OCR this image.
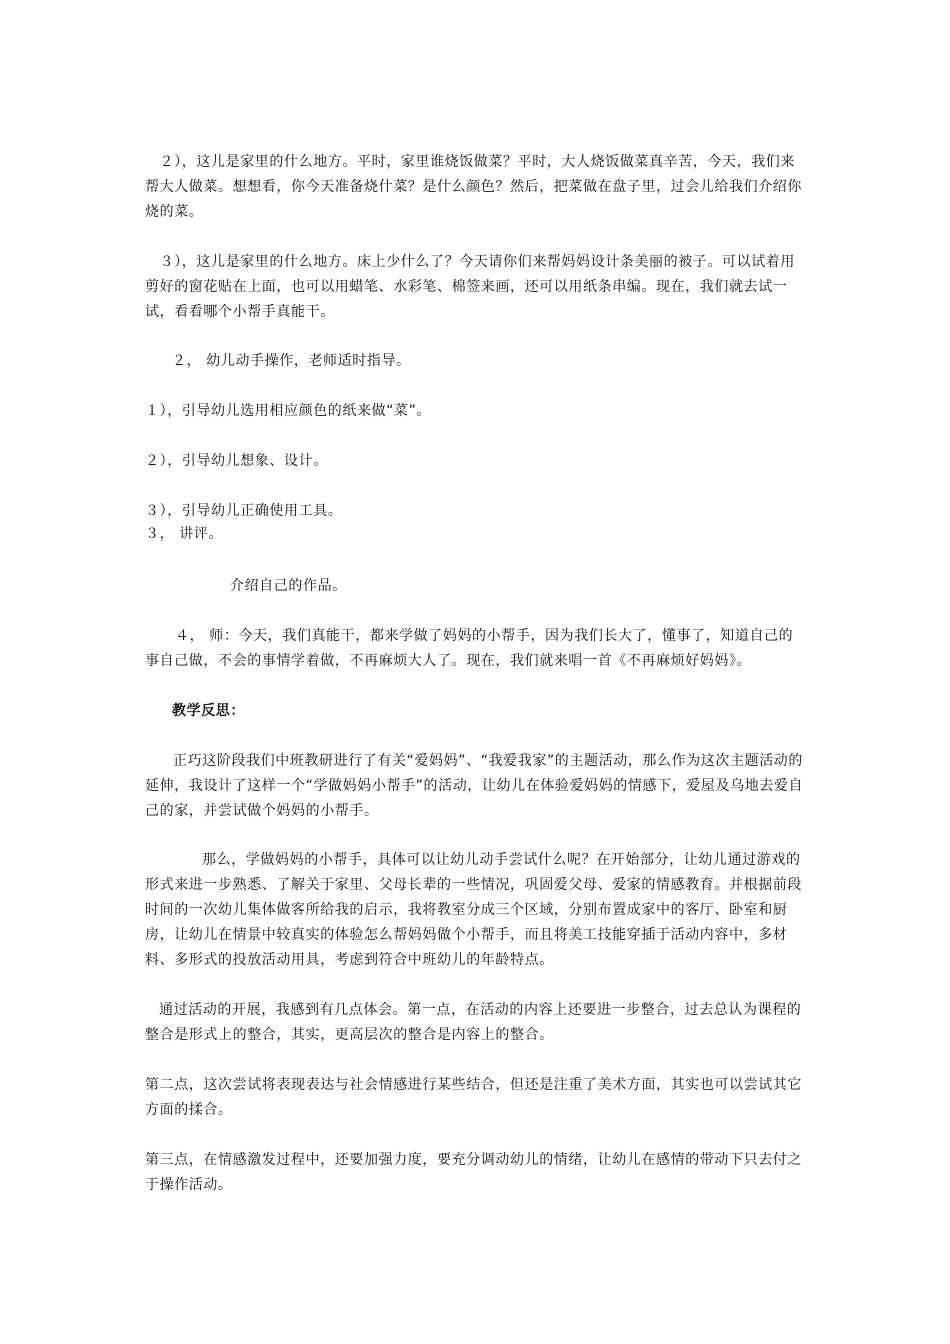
　２），这儿是家里的什么地方。平时，家里谁烧饭做菜？平时，大人烧饭做菜真辛苦，今天，我们来帮大人做菜。想想看，你今天准备烧什菜？是什么颜色？然后，把菜做在盘子里，过会儿给我们介绍你烧的菜。

　３），这儿是家里的什么地方。床上少什么了？今天请你们来帮妈妈设计条美丽的被子。可以试着用剪好的窗花贴在上面，也可以用蜡笔、水彩笔、棉签来画，还可以用纸条串编。现在，我们就去试一试，看看哪个小帮手真能干。

２， 幼儿动手操作，老师适时指导。

１），引导幼儿选用相应颜色的纸来做“菜”。

２），引导幼儿想象、设计。

３），引导幼儿正确使用工具。

３， 讲评。

介绍自己的作品。

４， 师：今天，我们真能干，都来学做了妈妈的小帮手，因为我们长大了，懂事了，知道自己的事自己做，不会的事情学着做，不再麻烦大人了。现在，我们就来唱一首《不再麻烦好妈妈》。

教学反思：

正巧这阶段我们中班教研进行了有关“爱妈妈”、“我爱我家”的主题活动，那么作为这次主题活动的延伸，我设计了这样一个“学做妈妈小帮手”的活动，让幼儿在体验爱妈妈的情感下，爱屋及乌地去爱自己的家，并尝试做个妈妈的小帮手。

那么，学做妈妈的小帮手，具体可以让幼儿动手尝试什么呢？在开始部分，让幼儿通过游戏的形式来进一步熟悉、了解关于家里、父母长辈的一些情况，巩固爱父母、爱家的情感教育。并根据前段时间的一次幼儿集体做客所给我的启示，我将教室分成三个区域，分别布置成家中的客厅、卧室和厨房，让幼儿在情景中较真实的体验怎么帮妈妈做个小帮手，而且将美工技能穿插于活动内容中，多材料、多形式的投放活动用具，考虑到符合中班幼儿的年龄特点。

通过活动的开展，我感到有几点体会。第一点，在活动的内容上还要进一步整合，过去总认为课程的整合是形式上的整合，其实，更高层次的整合是内容上的整合。

第二点，这次尝试将表现表达与社会情感进行某些结合，但还是注重了美术方面，其实也可以尝试其它方面的揉合。

第三点，在情感激发过程中，还要加强力度，要充分调动幼儿的情绪，让幼儿在感情的带动下只去付之于操作活动。
